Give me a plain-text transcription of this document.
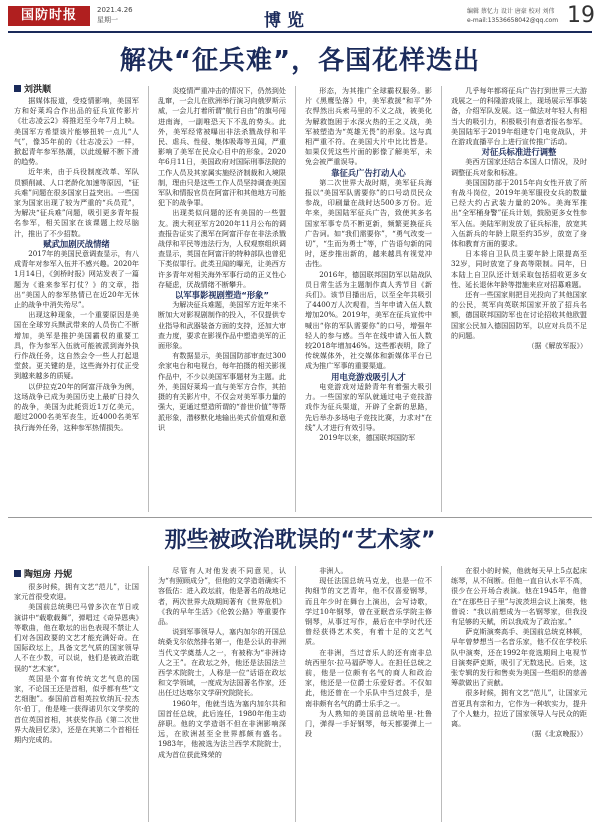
国防时报	2021.4.26
星期一	博览	编辑 蔡忆力 设计 唐豪 校对 刘伟
e-mail:13536658042@qq.com 19
解决“征兵难”，各国花样迭出
刘洪顺

据媒体报道，受疫情影响，美国军方和好莱坞合作出品的征兵宣传影片《壮志凌云2》将推迟至今年7月上映。美国军方希望该片能够扭转一点儿“人气”，像35年前的《壮志凌云》一样，掀起青年参军热潮，以此缓解不断下滑的趋势。

近年来，由于兵役制度改革、军队员额削减、人口老龄化加速等原因，“征兵难”问题在很多国家日益突出。一些国家为国家出现了较为严重的“兵员荒”，为解决“征兵难”问题，吸引更多青年报名参军，相关国家在该课题上绞尽脑汁，推出了不少招数。

赋武加剧厌战情绪

2017年的美国民意调查显示，有八成青年对参军入伍并不感兴趣。2020年1月14日，《剑桥时报》网站发表了一篇题为《谁来参军打仗？》的文章，指出“美国人的参军热情已在近20年无休止的战争中消失殆尽”。

出现这种现象，一个重要原因是美国在全球穷兵黩武带来的人员伤亡不断增加，美军是推护美国霸权的重要工具，作为参军入伍就可能被派到海外执行作战任务，这自然会令一些人打起退堂鼓。更关键的是，这些海外打仗正受到越来越多的质疑。

以伊拉克20年的阿富汗战争为例，这场战争已成为美国历史上最旷日持久的战争，美国为此耗资近1万亿美元，超过2000名美军丧生，近4000名美军执行海外任务，这种参军热情损失。

炎疫情严重冲击的情况下，仍然到处乱窜，一会儿在欧洲举行演习向俄罗斯示威，一会儿打着所谓“航行自由”的旗号闯进南海，一副唯恐天下不乱的势头。此外，美军经常被曝出非法杀戮战俘和平民、虐兵、性侵、集体吸毒等丑闻，严重影响了美军在民众心目中的形象。2020年6月11日，美国政府对国际刑事法院的工作人员及其家属实施经济制裁和入境限制，理由只是这些工作人员坚持调查美国军队和情报官员在阿富汗和其他地方可能犯下的战争罪。

出现类似问题的还有美国的一些盟友。澳大利亚军方2020年11月公布的调查报告证实了澳军在阿富汗存在非法杀戮战俘和平民等违法行为，人权观察组织调查显示，英国在阿富汗的特种部队也曾犯下类似罪行。此类丑闻的曝光，让美西方许多青年对相关海外军事行动的正义性心存疑虑，厌战情绪不断攀升。

以军事影视剧塑造“形象”

为解决征兵难题，美国军方近年来不断加大对影视剧制作的投入，不仅提供专业指导和武器装备方面的支持，还加大审查力度，要求在影视作品中塑造美军的正面形象。

有数据显示，美国国防部审查过300余家电台和电视台，每年拍摄的相关影视作品中，不少以美国军事题材为主题。此外，美国好莱坞一直与美军方合作，其拍摄的有关影片中，不仅会对美军事力量的强大，更通过塑造所谓的“普世价值”等帮派形象，潜移默化地输出美式价值观和意识

形态，为其推广全球霸权服务。影片《黑鹰坠落》中，美军救援“和平”外衣悍然出兵索马里的不义之战，被美化为解救饱困于水深火热的王之义战，美军被塑造为“英雄无畏”的形象。这与真相严重不符。在美国大片中比比皆是。如果仅凭这些片面的影像了解美军，未免会被严重误导。

靠征兵广告打动人心

第二次世界大战时期，美军征兵海报以“美国军队需要你”的口号动员民众参战，印刷量在战时达500多万份。近年来，美国陆军征兵广告，致使其多名国家军事专员不断更新，频繁更换征兵广告词。如“我们需要你”，“勇气改变一切”，“生而为勇士”等，广告语句新的同时，逐步推出新的，越来越具有视觉冲击性。

2016年，德国联邦国防军以陆战队员日常生活为主题制作真人秀节目《新兵们》。该节目播出后，以至全年共吸引了4400万人次观看，当年申请入伍人数增加20%。2019年，美军在征兵宣传中喊出“你的军队需要你”的口号，增强年轻人的参与感。当年在线申请入伍人数较2018年增加46%。这些都表明，除了传统媒体外，社交媒体和新媒体平台已成为推广军事的重要渠道。

用电竞游戏吸引人才

电竞游戏对适龄青年有着强大吸引力。一些国家的军队就通过电子竞技游戏作为征兵渠道，开辟了全新的思路，先后举办多场电子竞技比赛，力求对“在线”人才进行有效引导。

2019年以来，德国联邦国防军

几乎每年都将征兵广告打到世界三大游戏展之一的科隆游戏展上，现场展示军事装备，介绍军队发展。这一做法对年轻人有相当大的吸引力，积极吸引有意者报名参军。美国陆军于2019年组建专门电竞战队，并在游戏直播平台上进行宣传推广活动。

对征兵标准进行调整

美西方国家还结合本国人口情况，及时调整征兵对象和标准。

美国国防部于2015年向女性开放了所有战斗岗位，2019年美军服役女兵的数量已经大约占武装力量的20%。美海军推出“全军桶身警”征兵计划，鼓励更多女性参军入伍。美陆军则发放了征兵标准，放宽其入伍新兵的年龄上限至约35岁，放宽了身体和教育方面的要求。

日本将自卫队员主要年龄上限提高至32岁，同时放宽了身高等限制。同年，日本陆上自卫队还计划采取包括招收更多女性、延长退休年龄等措施来应对招募难题。

还有一些国家则把目光投向了其他国家的公民，英军向英联邦国家开放了招兵名额，德国联邦国防军也在讨论招收其他欧盟国家公民加入德国国防军，以应对兵员不足的问题。

（据《解放军报》）

那些被政治耽误的“艺术家”
陶姮房 丹妮

很多时候，拥有文艺“范儿”，让国家元首很受欢迎。

美国前总统奥巴马曾多次在节日或演讲中“载歌载舞”，弹唱过《奇异恩典》等歌曲，他在歌坛的出色表现不禁让人们对各国政要的文艺才能充满好奇。在国际政坛上，具备文艺气质的国家领导人不在少数，可以说，他们是被政治耽误的“艺术家”。

英国是个富有传统文艺气息的国家，不论国王还是首相，似乎都有些“文艺细胞”。泰国前首相英拉钦纳瓦·拉杰尔·伯丁，他是唯一获得诺贝尔文学奖的首位英国首相，其获奖作品《第二次世界大战回忆录》，还是在其第二个首相任期内完成的。

尽管有人对他发表不同意见，认为“有照顾成分”，但他的文学造诣确实不容低估：进入政坛前，他是著名的战地记者，两次世界大战期间著有《世界危机》《我的早年生活》《伦敦公路》等重要作品。

说到军事领导人，塞内加尔的开国总统桑戈尔依然排名第一，他是公认的非洲当代文学奠基人之一，有被称为“非洲诗人之王”。在政坛之外，他还是法国法兰西学术院院士，人称是一位“话语在政坛和文学领域，一度成为法国著名作家，还出任过达喀尔文学研究院院长。

1960年，他就当选为塞内加尔共和国首任总统，此后连任，1980年他主动辞职。他的文学造诣不但在非洲影响深远，在欧洲甚至全世界都颇有盛名。1983年，他被选为法兰西学术院院士，成为首位获此殊荣的

非洲人。

现任法国总统马克龙，也是一位不拘细节的文艺青年，他不仅喜爱钢琴，而且年少时在舞台上演出，会写诗歌，学过10年钢琴，曾在亚眠音乐学院主修钢琴，从事过写作，最后在中学时代还曾经获得艺术奖，有着十足的文艺气质。

在非洲，当过音乐人的还有南非总统西里尔·拉马福萨等人。在担任总统之前，他是一位颇有名气的商人和政治家，他还是一位爵士乐爱好者。不仅如此，他还曾在一个乐队中当过鼓手，是南非颇有名气的爵士乐手之一。

为人熟知的美国前总统哈里·杜鲁门，弹得一手好钢琴，每天都要弹上一段

在很小的时候，他就每天早上5点起床练琴，从不间断。但他一直自认水平不高，很少在公开场合表演。他在1945年，他曾在“在那些日子里”与波茨坦会议上演奏，他曾说：“我以前想成为一名钢琴家，但我没有足够的天赋，所以我成为了政治家。”

萨克斯演奏高手、美国前总统克林顿，早年曾梦想当一名音乐家，他不仅在学校乐队中演奏，还在1992年竞选期间上电视节目演奏萨克斯，吸引了无数选民。后来，这张专辑的发行和售卖为美国一些组织的慈善筹款做出了贡献。

很多时候，拥有文艺“范儿”，让国家元首更具有亲和力，它作为一种软实力，提升了个人魅力，拉近了国家领导人与民众的距离。

（据《北京晚报》）
